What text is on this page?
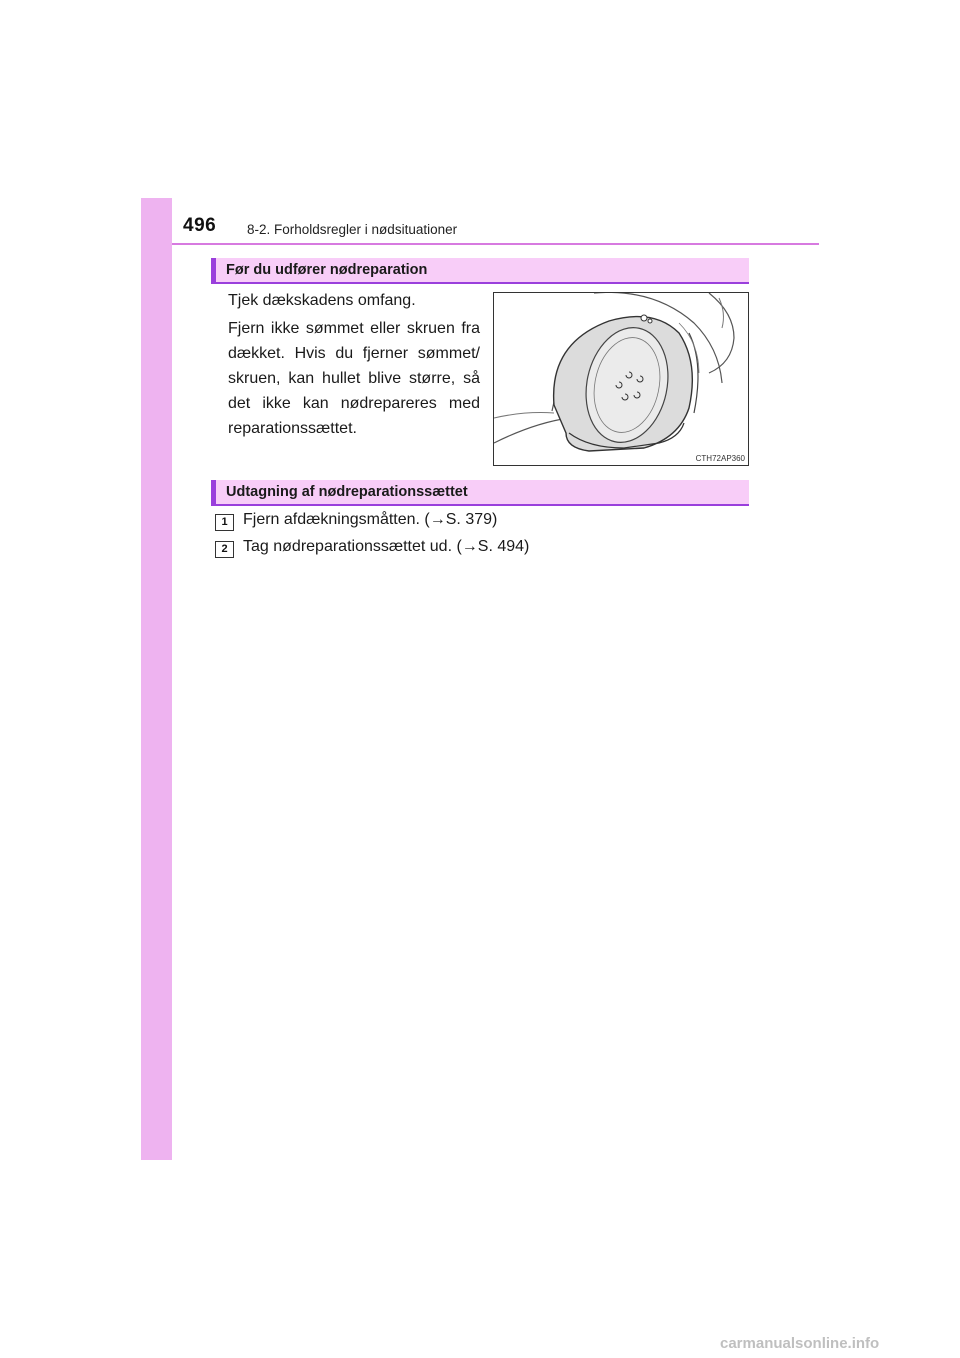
496 8-2. Forholdsregler i nødsituationer
Før du udfører nødreparation
Tjek dækskadens omfang.
Fjern ikke sømmet eller skruen fra dækket. Hvis du fjerner sømmet/ skruen, kan hullet blive større, så det ikke kan nødrepareres med reparationssættet.
CTH72AP360
Udtagning af nødreparationssættet
1 Fjern afdækningsmåtten. (→S. 379)
2 Tag nødreparationssættet ud. (→S. 494)
carmanualsonline.info
